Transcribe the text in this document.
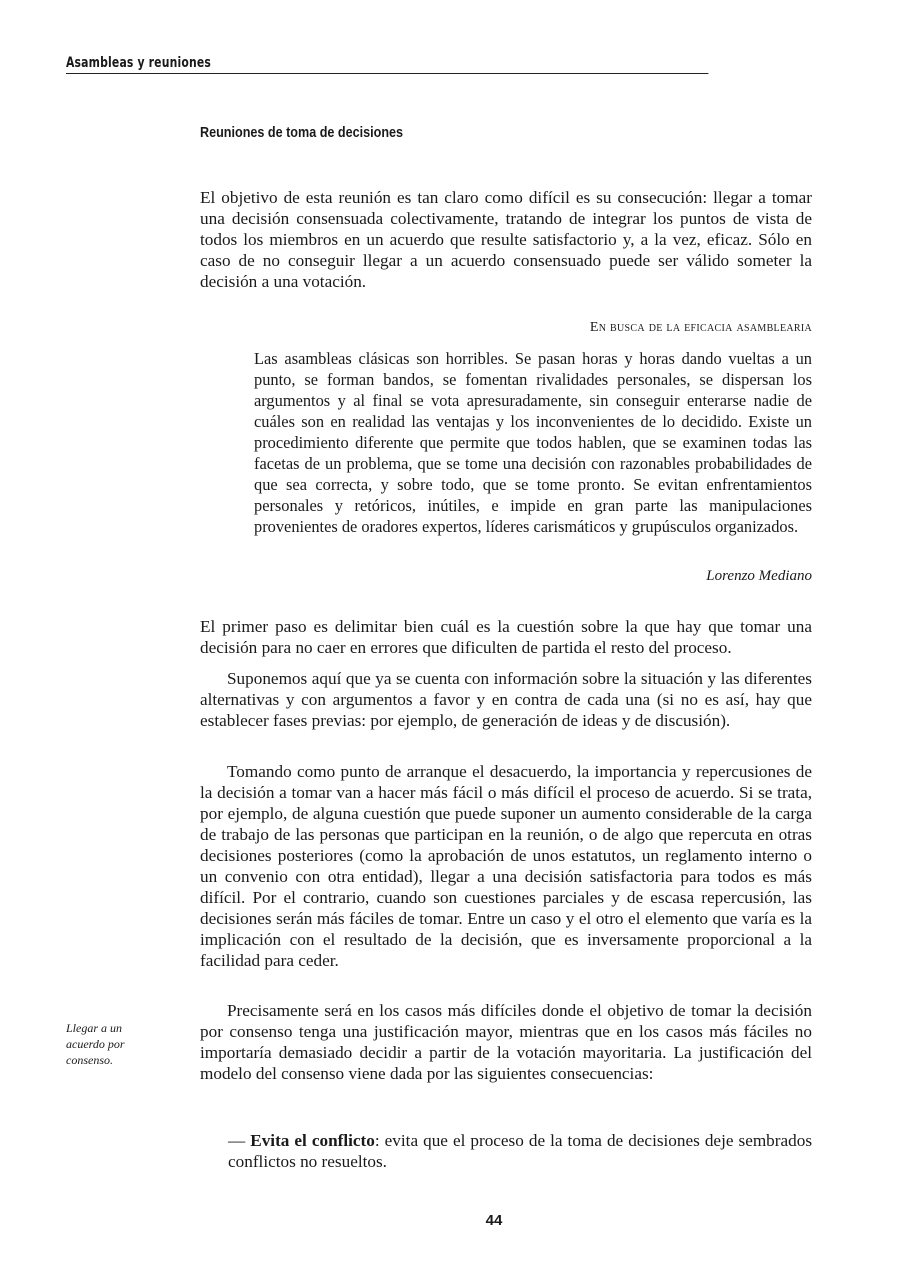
Asambleas y reuniones
Reuniones de toma de decisiones

El objetivo de esta reunión es tan claro como difícil es su consecución: llegar a tomar una decisión consensuada colectivamente, tratando de integrar los puntos de vista de todos los miembros en un acuerdo que resulte satisfactorio y, a la vez, eficaz. Sólo en caso de no conseguir llegar a un acuerdo consensuado puede ser válido someter la decisión a una votación.

En busca de la eficacia asamblearia

Las asambleas clásicas son horribles. Se pasan horas y horas dando vueltas a un punto, se forman bandos, se fomentan rivalidades personales, se dispersan los argumentos y al final se vota apresuradamente, sin conseguir enterarse nadie de cuáles son en realidad las ventajas y los inconvenientes de lo decidido. Existe un procedimiento diferente que permite que todos hablen, que se examinen todas las facetas de un problema, que se tome una decisión con razonables probabilidades de que sea correcta, y sobre todo, que se tome pronto. Se evitan enfrentamientos personales y retóricos, inútiles, e impide en gran parte las manipulaciones provenientes de oradores expertos, líderes carismáticos y grupúsculos organizados.

Lorenzo Mediano

El primer paso es delimitar bien cuál es la cuestión sobre la que hay que tomar una decisión para no caer en errores que dificulten de partida el resto del proceso.

Suponemos aquí que ya se cuenta con información sobre la situación y las diferentes alternativas y con argumentos a favor y en contra de cada una (si no es así, hay que establecer fases previas: por ejemplo, de generación de ideas y de discusión).

Tomando como punto de arranque el desacuerdo, la importancia y repercusiones de la decisión a tomar van a hacer más fácil o más difícil el proceso de acuerdo. Si se trata, por ejemplo, de alguna cuestión que puede suponer un aumento considerable de la carga de trabajo de las personas que participan en la reunión, o de algo que repercuta en otras decisiones posteriores (como la aprobación de unos estatutos, un reglamento interno o un convenio con otra entidad), llegar a una decisión satisfactoria para todos es más difícil. Por el contrario, cuando son cuestiones parciales y de escasa repercusión, las decisiones serán más fáciles de tomar. Entre un caso y el otro el elemento que varía es la implicación con el resultado de la decisión, que es inversamente proporcional a la facilidad para ceder.

Precisamente será en los casos más difíciles donde el objetivo de tomar la decisión por consenso tenga una justificación mayor, mientras que en los casos más fáciles no importaría demasiado decidir a partir de la votación mayoritaria. La justificación del modelo del consenso viene dada por las siguientes consecuencias:

Llegar a un acuerdo por consenso.

— Evita el conflicto: evita que el proceso de la toma de decisiones deje sembrados conflictos no resueltos.

44
